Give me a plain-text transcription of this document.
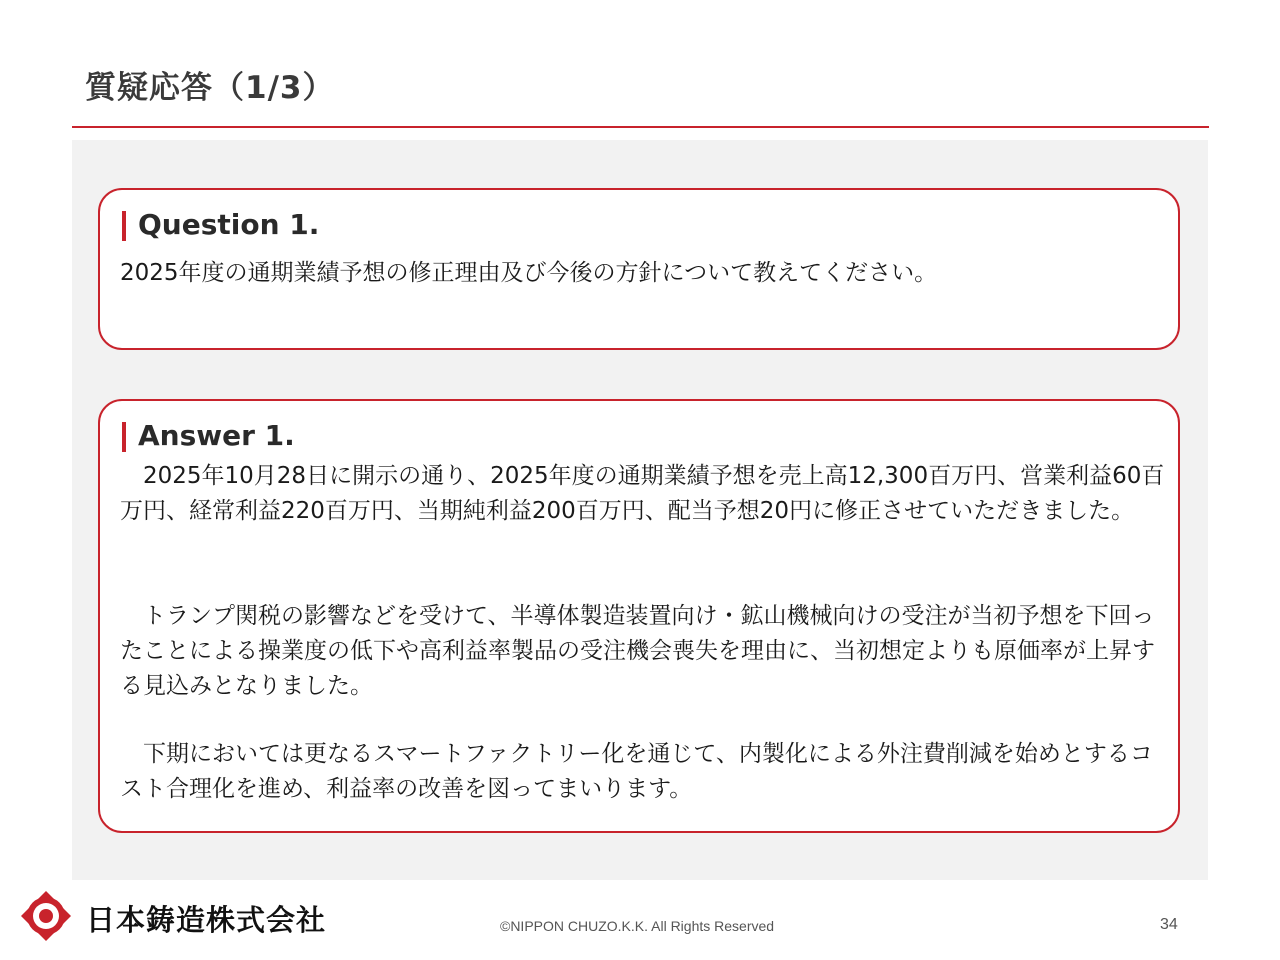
質疑応答（1/3）
Question 1.
2025年度の通期業績予想の修正理由及び今後の方針について教えてください。
Answer 1.

　2025年10月28日に開示の通り、2025年度の通期業績予想を売上高12,300百万円、営業利益60百万円、経常利益220百万円、当期純利益200百万円、配当予想20円に修正させていただきました。

　トランプ関税の影響などを受けて、半導体製造装置向け・鉱山機械向けの受注が当初予想を下回ったことによる操業度の低下や高利益率製品の受注機会喪失を理由に、当初想定よりも原価率が上昇する見込みとなりました。

　下期においては更なるスマートファクトリー化を通じて、内製化による外注費削減を始めとするコスト合理化を進め、利益率の改善を図ってまいります。

日本鋳造株式会社	©NIPPON CHUZO.K.K. All Rights Reserved	34
